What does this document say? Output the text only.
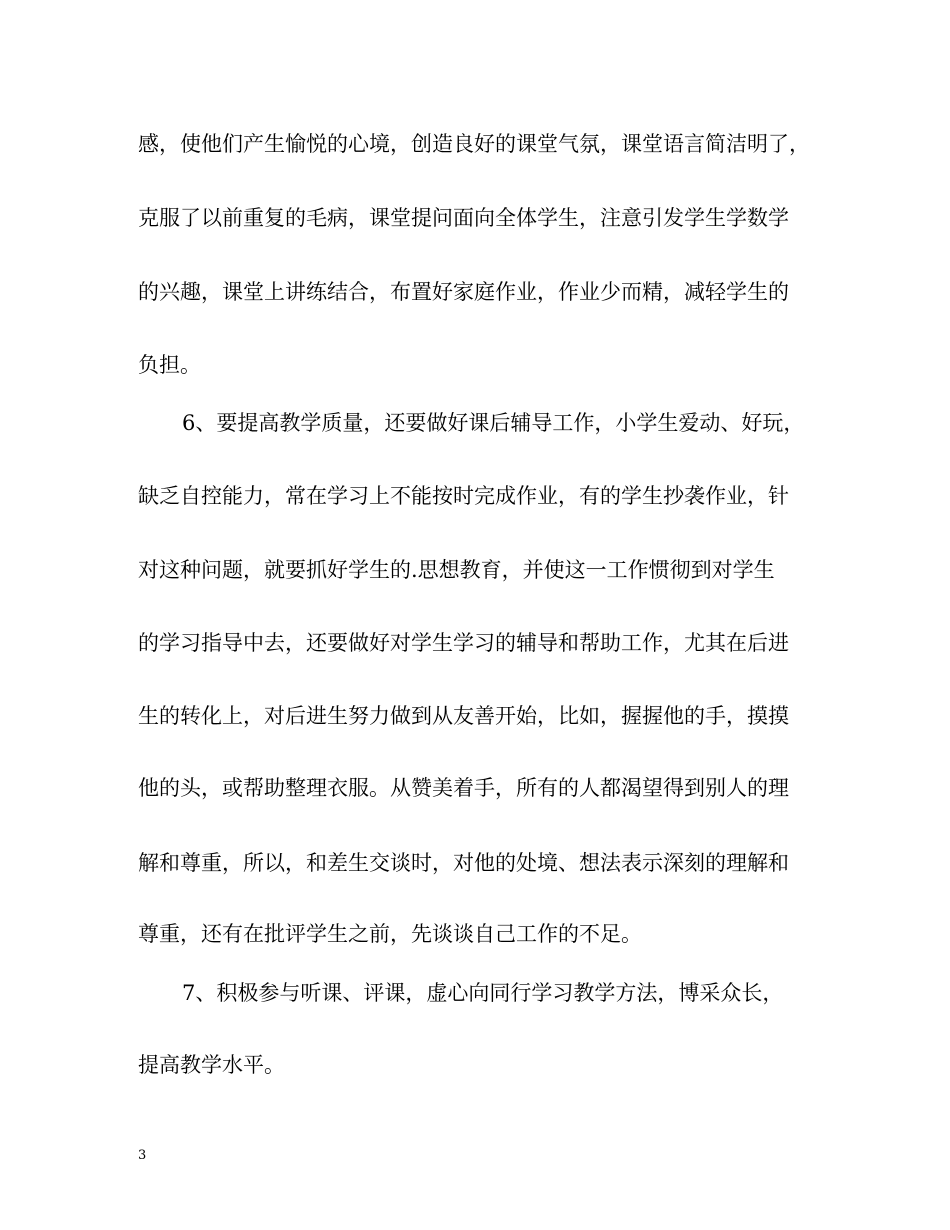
感，使他们产生愉悦的心境，创造良好的课堂气氛，课堂语言简洁明了，
克服了以前重复的毛病，课堂提问面向全体学生，注意引发学生学数学
的兴趣，课堂上讲练结合，布置好家庭作业，作业少而精，减轻学生的
负担。
6、要提高教学质量，还要做好课后辅导工作，小学生爱动、好玩，
缺乏自控能力，常在学习上不能按时完成作业，有的学生抄袭作业，针
对这种问题，就要抓好学生的.思想教育，并使这一工作惯彻到对学生
的学习指导中去，还要做好对学生学习的辅导和帮助工作，尤其在后进
生的转化上，对后进生努力做到从友善开始，比如，握握他的手，摸摸
他的头，或帮助整理衣服。从赞美着手，所有的人都渴望得到别人的理
解和尊重，所以，和差生交谈时，对他的处境、想法表示深刻的理解和
尊重，还有在批评学生之前，先谈谈自己工作的不足。
7、积极参与听课、评课，虚心向同行学习教学方法，博采众长，
提高教学水平。
3
